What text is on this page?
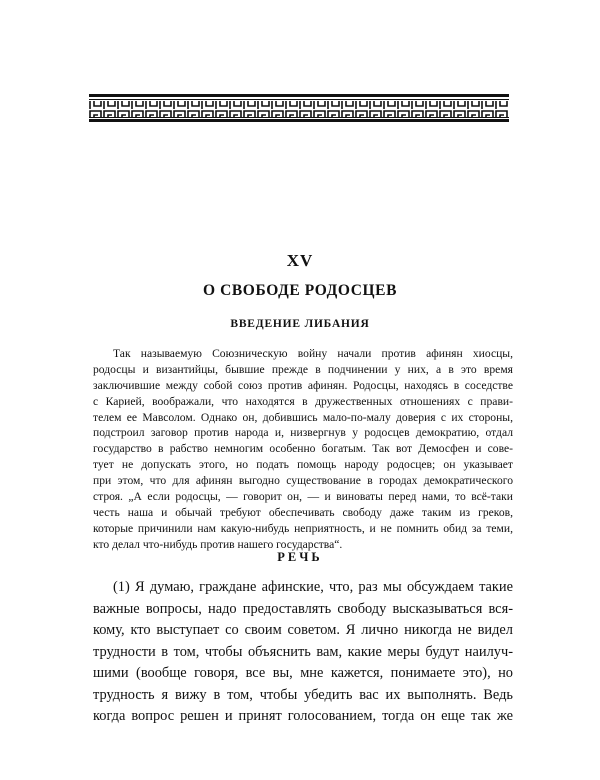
XV
О СВОБОДЕ РОДОСЦЕВ
ВВЕДЕНИЕ ЛИБАНИЯ
Так называемую Союзническую войну начали против афинян хиосцы,
родосцы и византийцы, бывшие прежде в подчинении у них, а в это время
заключившие между собой союз против афинян. Родосцы, находясь в соседстве
с Карией, воображали, что находятся в дружественных отношениях с прави-
телем ее Мавсолом. Однако он, добившись мало-по-малу доверия с их стороны,
подстроил заговор против народа и, низвергнув у родосцев демократию, отдал
государство в рабство немногим особенно богатым. Так вот Демосфен и сове-
тует не допускать этого, но подать помощь народу родосцев; он указывает
при этом, что для афинян выгодно существование в городах демократического
строя. „А если родосцы, — говорит он, — и виноваты перед нами, то всё-таки
честь наша и обычай требуют обеспечивать свободу даже таким из греков,
которые причинили нам какую-нибудь неприятность, и не помнить обид за теми,
кто делал что-нибудь против нашего государства“.
РЕЧЬ
(1) Я думаю, граждане афинские, что, раз мы обсуждаем такие
важные вопросы, надо предоставлять свободу высказываться вся-
кому, кто выступает со своим советом. Я лично никогда не видел
трудности в том, чтобы объяснить вам, какие меры будут наилуч-
шими (вообще говоря, все вы, мне кажется, понимаете это), но
трудность я вижу в том, чтобы убедить вас их выполнять. Ведь
когда вопрос решен и принят голосованием, тогда он еще так же
